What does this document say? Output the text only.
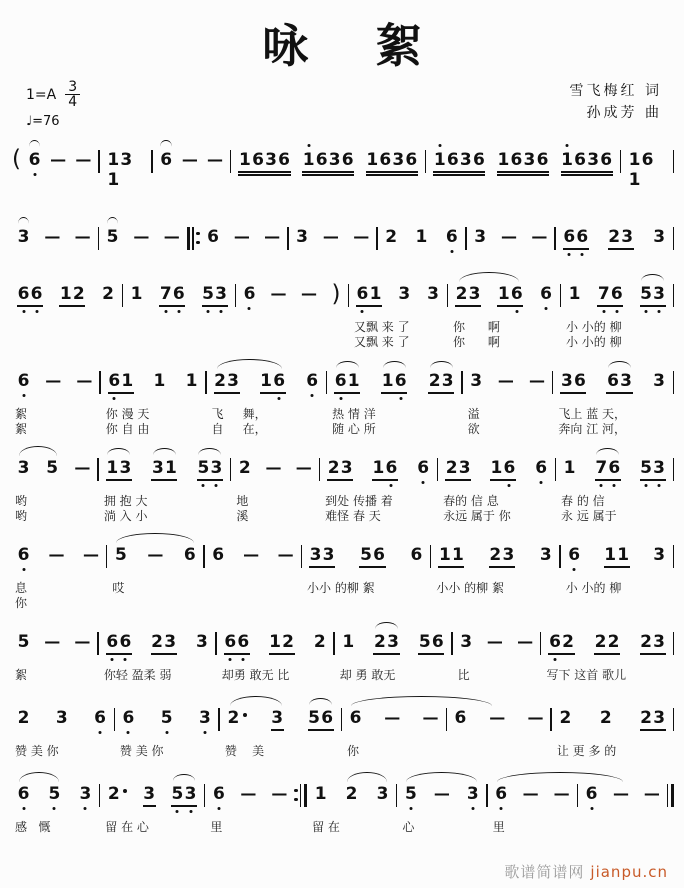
咏 絮
$1=A \frac{3}{4}$
♩=76
雪飞梅红 词
孙成芳 曲
( 6 — — 131
6 — — 1636 1
636 1636 1
636 1636 1
636 161
3 — — 5 — — 6 — — 3 — — 2 1 6 3 — — 6
6 23 3
6
6 12 2 1 7
6 5
3 6 — — ) 6
1 3 3
又飘 来 了
又飘 来 了
23 16 6
你      啊
你      啊
1 7
6 5
3
小 小的 柳
小 小的 柳
6 — —
絮
絮
6
1 1 1
你 漫 天
你 自 由
23 16 6
飞     舞，
自     在，
6
1 16 23
热 情 洋
随 心 所
3 — —
溢
欲
36 63 3
飞上 蓝 天，
奔向 江 河，
3 5 —
哟
哟
13 31 5
3
拥 抱 大
淌 入 小
2 — —
地
溪
23 16 6
到处 传播 着
难怪 春 天
23 16 6
春的 信 息
永远 属于 你
1 7
6 5
3
春 的 信
永 远 属于
6 — —
息
你
5 — 6
哎
6 — — 33 56 6
小小 的柳 絮
11 23 3
小小 的柳 絮
6 11 3
小 小的 柳
5 — —
絮
6
6 23 3
你轻 盈柔 弱
6
6 12 2
却勇 敢无 比
1 23 56
却 勇 敢无
3 — —
比
6
2 22 23
写下 这首 歌儿
2 3 6
赞 美 你
6 5 3
赞 美 你
2	3 56
赞    美
6 — —
你
6 — — 2 2 23
让 更 多 的
6 5 3
感   慨
2	3 5
3
留 在 心
6 — —
里
1 2 3
留 在
5 — 3
心
6 — —
里
6 — —
歌谱简谱网 jianpu.cn
